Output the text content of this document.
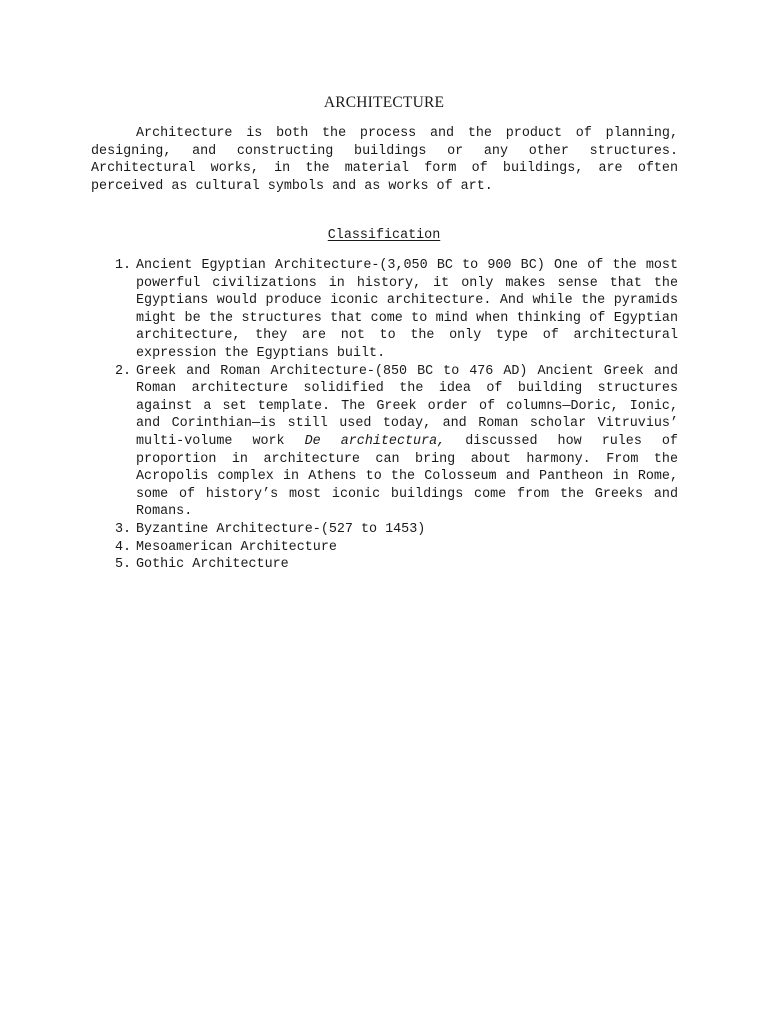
ARCHITECTURE

Architecture is both the process and the product of planning, designing, and constructing buildings or any other structures. Architectural works, in the material form of buildings, are often perceived as cultural symbols and as works of art.

Classification
1. Ancient Egyptian Architecture-(3,050 BC to 900 BC) One of the most powerful civilizations in history, it only makes sense that the Egyptians would produce iconic architecture. And while the pyramids might be the structures that come to mind when thinking of Egyptian architecture, they are not to the only type of architectural expression the Egyptians built.
2. Greek and Roman Architecture-(850 BC to 476 AD) Ancient Greek and Roman architecture solidified the idea of building structures against a set template. The Greek order of columns—Doric, Ionic, and Corinthian—is still used today, and Roman scholar Vitruvius’ multi-volume work De architectura, discussed how rules of proportion in architecture can bring about harmony. From the Acropolis complex in Athens to the Colosseum and Pantheon in Rome, some of history’s most iconic buildings come from the Greeks and Romans.
3. Byzantine Architecture-(527 to 1453)
4. Mesoamerican Architecture
5. Gothic Architecture
